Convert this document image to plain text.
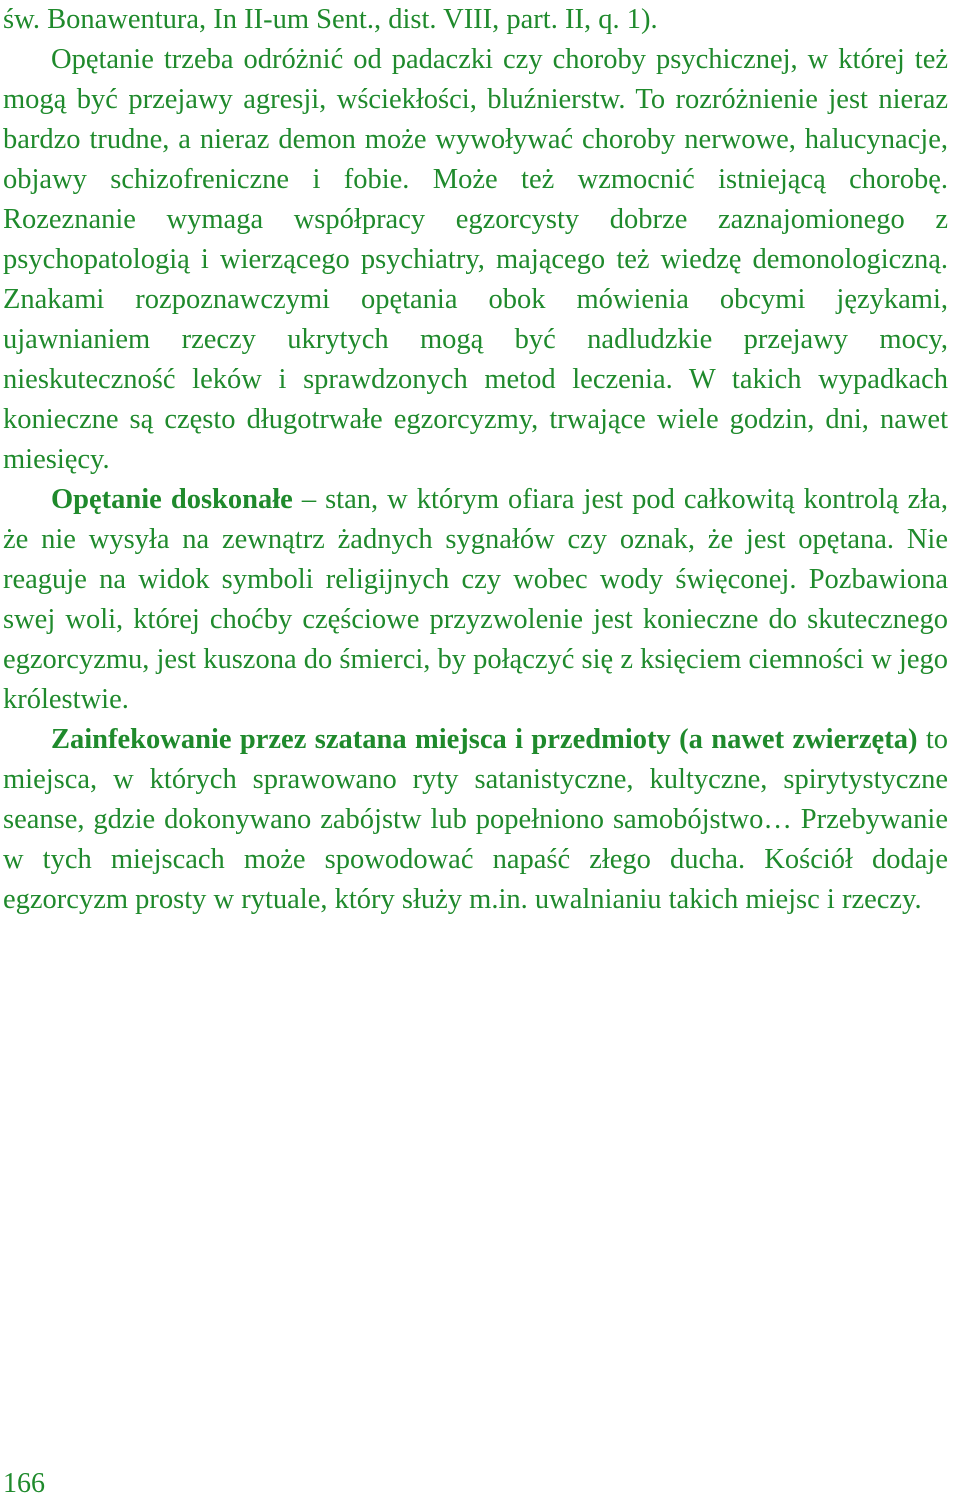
św. Bonawentura, In II-um Sent., dist. VIII, part. II, q. 1).

Opętanie trzeba odróżnić od padaczki czy choroby psychicznej, w której też mogą być przejawy agresji, wściekłości, bluźnierstw. To rozróżnienie jest nieraz bardzo trudne, a nieraz demon może wywoływać choroby nerwowe, halucynacje, objawy schizofreniczne i fobie. Może też wzmocnić istniejącą chorobę. Rozeznanie wymaga współpracy egzorcysty dobrze zaznajomionego z psychopatologią i wierzącego psychiatry, mającego też wiedzę demonologiczną. Znakami rozpoznawczymi opętania obok mówienia obcymi językami, ujawnianiem rzeczy ukrytych mogą być nadludzkie przejawy mocy, nieskuteczność leków i sprawdzonych metod leczenia. W takich wypadkach konieczne są często długotrwałe egzorcyzmy, trwające wiele godzin, dni, nawet miesięcy.

Opętanie doskonałe – stan, w którym ofiara jest pod całkowitą kontrolą zła, że nie wysyła na zewnątrz żadnych sygnałów czy oznak, że jest opętana. Nie reaguje na widok symboli religijnych czy wobec wody święconej. Pozbawiona swej woli, której choćby częściowe przyzwolenie jest konieczne do skutecznego egzorcyzmu, jest kuszona do śmierci, by połączyć się z księciem ciemności w jego królestwie.

Zainfekowanie przez szatana miejsca i przedmioty (a nawet zwierzęta) to miejsca, w których sprawowano ryty satanistyczne, kultyczne, spirytystyczne seanse, gdzie dokonywano zabójstw lub popełniono samobójstwo… Przebywanie w tych miejscach może spowodować napaść złego ducha. Kościół dodaje egzorcyzm prosty w rytuale, który służy m.in. uwalnianiu takich miejsc i rzeczy.

166
